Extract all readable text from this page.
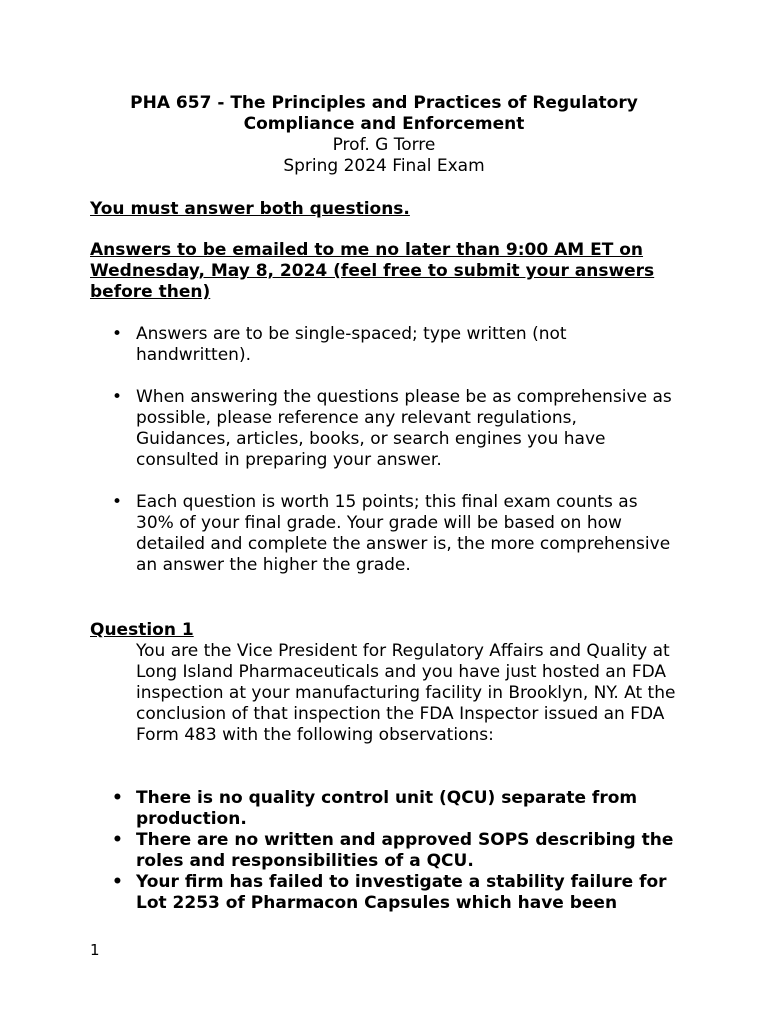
PHA 657 - The Principles and Practices of Regulatory
Compliance and Enforcement
Prof. G Torre
Spring 2024 Final Exam
You must answer both questions.
Answers to be emailed to me no later than 9:00 AM ET on Wednesday, May 8, 2024 (feel free to submit your answers before then)
• Answers are to be single-spaced; type written (not handwritten).
• When answering the questions please be as comprehensive as possible, please reference any relevant regulations, Guidances, articles, books, or search engines you have consulted in preparing your answer.
• Each question is worth 15 points; this final exam counts as 30% of your final grade. Your grade will be based on how detailed and complete the answer is, the more comprehensive an answer the higher the grade.
Question 1
You are the Vice President for Regulatory Affairs and Quality at Long Island Pharmaceuticals and you have just hosted an FDA inspection at your manufacturing facility in Brooklyn, NY. At the conclusion of that inspection the FDA Inspector issued an FDA Form 483 with the following observations:
• There is no quality control unit (QCU) separate from production.
• There are no written and approved SOPS describing the roles and responsibilities of a QCU.
• Your firm has failed to investigate a stability failure for Lot 2253 of Pharmacon Capsules which have been
1
